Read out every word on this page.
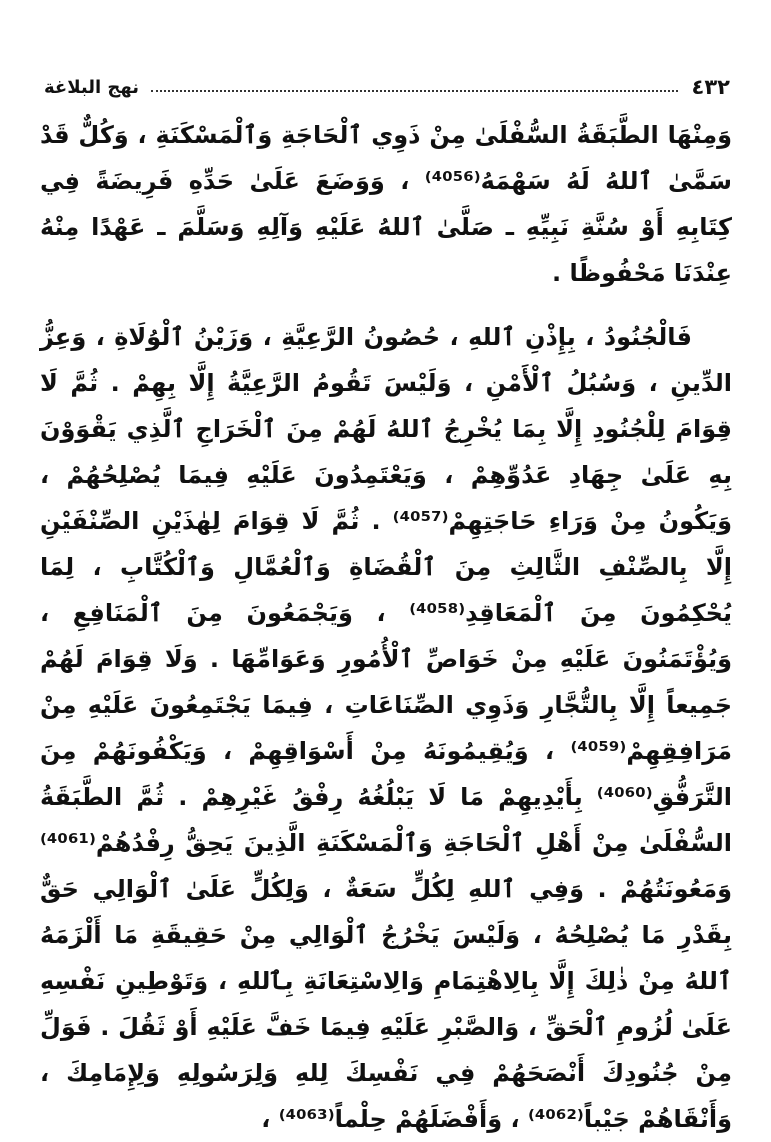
٤٣٢
نهج البلاغة

وَمِنْهَا الطَّبَقَةُ السُّفْلَىٰ مِنْ ذَوِي ٱلْحَاجَةِ وَٱلْمَسْكَنَةِ ، وَكُلٌّ قَدْ سَمَّىٰ ٱللهُ لَهُ سَهْمَهُ⁽⁴⁰⁵⁶⁾ ، وَوَضَعَ عَلَىٰ حَدِّهِ فَرِيضَةً فِي كِتَابِهِ أَوْ سُنَّةِ نَبِيِّهِ ـ صَلَّىٰ ٱللهُ عَلَيْهِ وَآلِهِ وَسَلَّمَ ـ عَهْدًا مِنْهُ عِنْدَنَا مَحْفُوظًا .

فَالْجُنُودُ ، بِإِذْنِ ٱللهِ ، حُصُونُ الرَّعِيَّةِ ، وَزَيْنُ ٱلْوُلَاةِ ، وَعِزُّ الدِّينِ ، وَسُبُلُ ٱلْأَمْنِ ، وَلَيْسَ تَقُومُ الرَّعِيَّةُ إِلَّا بِهِمْ . ثُمَّ لَا قِوَامَ لِلْجُنُودِ إِلَّا بِمَا يُخْرِجُ ٱللهُ لَهُمْ مِنَ ٱلْخَرَاجِ ٱلَّذِي يَقْوَوْنَ بِهِ عَلَىٰ جِهَادِ عَدُوِّهِمْ ، وَيَعْتَمِدُونَ عَلَيْهِ فِيمَا يُصْلِحُهُمْ ، وَيَكُونُ مِنْ وَرَاءِ حَاجَتِهِمْ⁽⁴⁰⁵⁷⁾ . ثُمَّ لَا قِوَامَ لِهٰذَيْنِ الصِّنْفَيْنِ إِلَّا بِالصِّنْفِ الثَّالِثِ مِنَ ٱلْقُضَاةِ وَٱلْعُمَّالِ وَٱلْكُتَّابِ ، لِمَا يُحْكِمُونَ مِنَ ٱلْمَعَاقِدِ⁽⁴⁰⁵⁸⁾ ، وَيَجْمَعُونَ مِنَ ٱلْمَنَافِعِ ، وَيُؤْتَمَنُونَ عَلَيْهِ مِنْ خَوَاصِّ ٱلْأُمُورِ وَعَوَامِّهَا . وَلَا قِوَامَ لَهُمْ جَمِيعاً إِلَّا بِالتُّجَّارِ وَذَوِي الصِّنَاعَاتِ ، فِيمَا يَجْتَمِعُونَ عَلَيْهِ مِنْ مَرَافِقِهِمْ⁽⁴⁰⁵⁹⁾ ، وَيُقِيمُونَهُ مِنْ أَسْوَاقِهِمْ ، وَيَكْفُونَهُمْ مِنَ التَّرَفُّقِ⁽⁴⁰⁶⁰⁾ بِأَيْدِيهِمْ مَا لَا يَبْلُغُهُ رِفْقُ غَيْرِهِمْ . ثُمَّ الطَّبَقَةُ السُّفْلَىٰ مِنْ أَهْلِ ٱلْحَاجَةِ وَٱلْمَسْكَنَةِ الَّذِينَ يَحِقُّ رِفْدُهُمْ⁽⁴⁰⁶¹⁾ وَمَعُونَتُهُمْ . وَفِي ٱللهِ لِكُلٍّ سَعَةٌ ، وَلِكُلٍّ عَلَىٰ ٱلْوَالِي حَقٌّ بِقَدْرِ مَا يُصْلِحُهُ ، وَلَيْسَ يَخْرُجُ ٱلْوَالِي مِنْ حَقِيقَةِ مَا أَلْزَمَهُ ٱللهُ مِنْ ذٰلِكَ إِلَّا بِالِاهْتِمَامِ وَالِاسْتِعَانَةِ بِٱللهِ ، وَتَوْطِينِ نَفْسِهِ عَلَىٰ لُزُومِ ٱلْحَقِّ ، وَالصَّبْرِ عَلَيْهِ فِيمَا خَفَّ عَلَيْهِ أَوْ ثَقُلَ . فَوَلِّ مِنْ جُنُودِكَ أَنْصَحَهُمْ فِي نَفْسِكَ لِلهِ وَلِرَسُولِهِ وَلِإِمَامِكَ ، وَأَنْقَاهُمْ جَيْباً⁽⁴⁰⁶²⁾ ، وَأَفْضَلَهُمْ حِلْماً⁽⁴⁰⁶³⁾ ،
